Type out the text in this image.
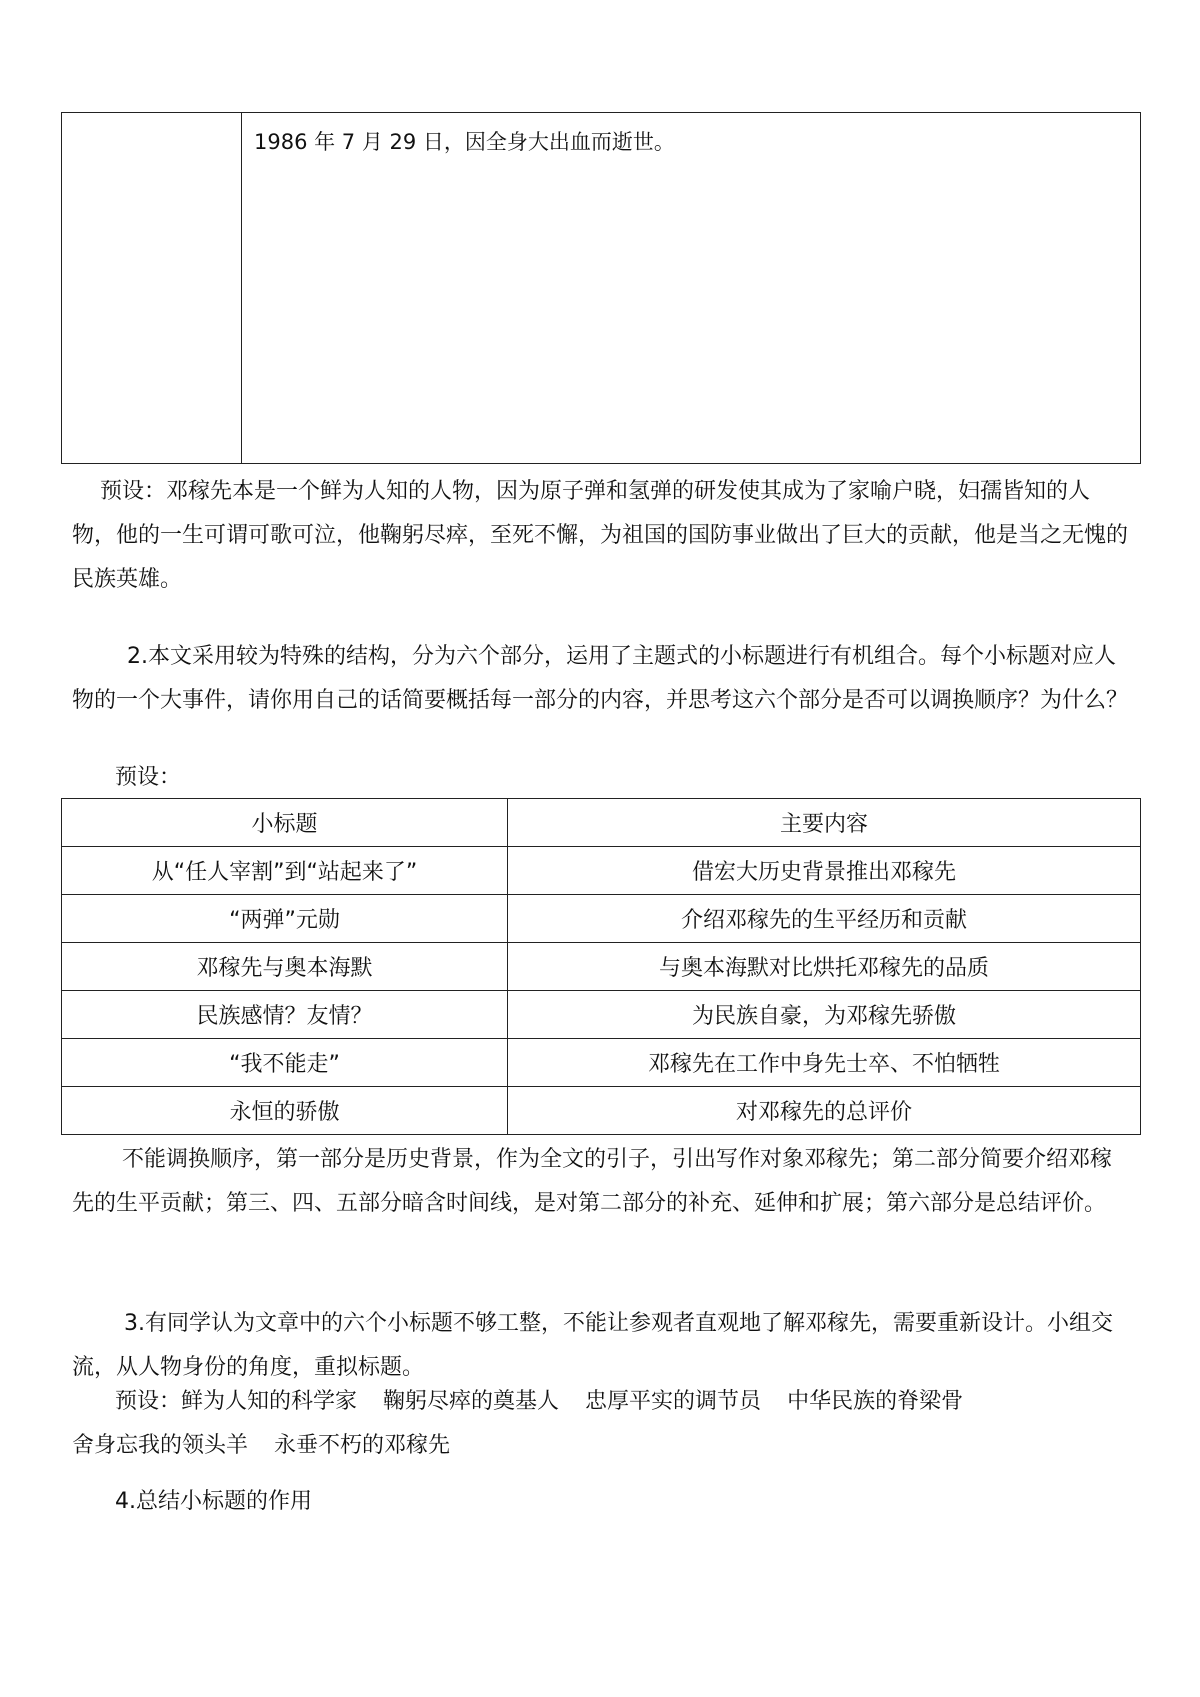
1986 年 7 月 29 日，因全身大出血而逝世。

预设：邓稼先本是一个鲜为人知的人物，因为原子弹和氢弹的研发使其成为了家喻户晓，妇孺皆知的人物，他的一生可谓可歌可泣，他鞠躬尽瘁，至死不懈，为祖国的国防事业做出了巨大的贡献，他是当之无愧的民族英雄。

2.本文采用较为特殊的结构，分为六个部分，运用了主题式的小标题进行有机组合。每个小标题对应人物的一个大事件，请你用自己的话简要概括每一部分的内容，并思考这六个部分是否可以调换顺序？为什么？

预设：

小标题	主要内容
从“任人宰割”到“站起来了”	借宏大历史背景推出邓稼先
“两弹”元勋	介绍邓稼先的生平经历和贡献
邓稼先与奥本海默	与奥本海默对比烘托邓稼先的品质
民族感情？友情？	为民族自豪，为邓稼先骄傲
“我不能走”	邓稼先在工作中身先士卒、不怕牺牲
永恒的骄傲	对邓稼先的总评价

不能调换顺序，第一部分是历史背景，作为全文的引子，引出写作对象邓稼先；第二部分简要介绍邓稼先的生平贡献；第三、四、五部分暗含时间线，是对第二部分的补充、延伸和扩展；第六部分是总结评价。

3.有同学认为文章中的六个小标题不够工整，不能让参观者直观地了解邓稼先，需要重新设计。小组交流，从人物身份的角度，重拟标题。

预设：鲜为人知的科学家 鞠躬尽瘁的奠基人 忠厚平实的调节员 中华民族的脊梁骨

舍身忘我的领头羊 永垂不朽的邓稼先

4.总结小标题的作用
